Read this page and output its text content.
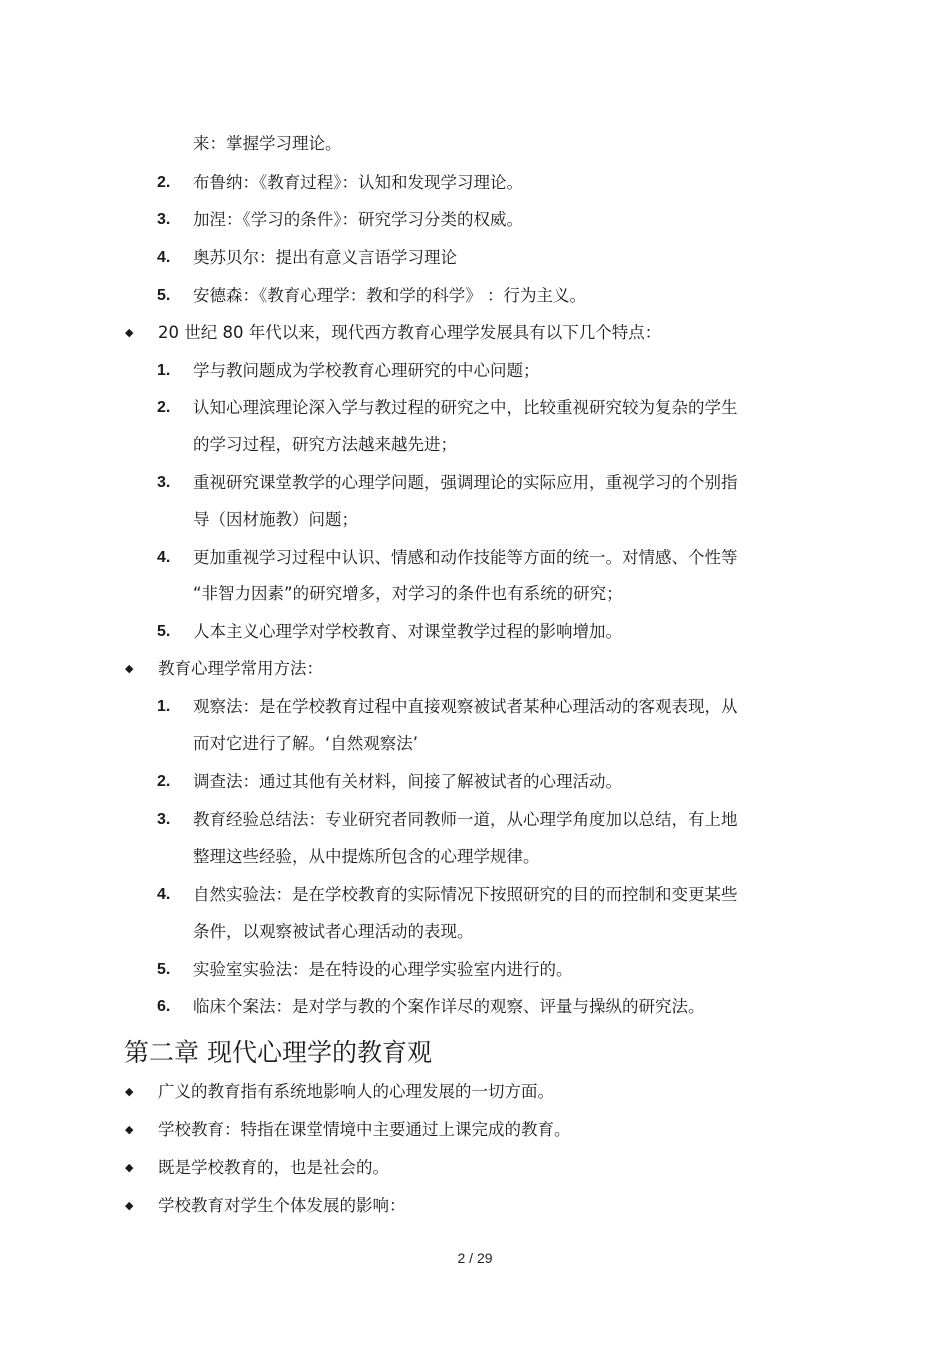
来：掌握学习理论。
2.	布鲁纳：《教育过程》：认知和发现学习理论。
3.	加涅：《学习的条件》：研究学习分类的权威。
4.	奥苏贝尔：提出有意义言语学习理论
5.	安德森：《教育心理学：教和学的科学》 ：行为主义。
◆ 20 世纪 80 年代以来，现代西方教育心理学发展具有以下几个特点：
1.	学与教问题成为学校教育心理研究的中心问题；
2.	认知心理滨理论深入学与教过程的研究之中，比较重视研究较为复杂的学生
的学习过程，研究方法越来越先进；
3.	重视研究课堂教学的心理学问题，强调理论的实际应用，重视学习的个别指
导（因材施教）问题；
4.	更加重视学习过程中认识、情感和动作技能等方面的统一。对情感、个性等
“非智力因素”的研究增多，对学习的条件也有系统的研究；
5.	人本主义心理学对学校教育、对课堂教学过程的影响增加。
◆ 教育心理学常用方法：
1.	观察法：是在学校教育过程中直接观察被试者某种心理活动的客观表现，从
而对它进行了解。‘自然观察法’
2.	调查法：通过其他有关材料，间接了解被试者的心理活动。
3.	教育经验总结法：专业研究者同教师一道，从心理学角度加以总结，有上地
整理这些经验，从中提炼所包含的心理学规律。
4.	自然实验法：是在学校教育的实际情况下按照研究的目的而控制和变更某些
条件，以观察被试者心理活动的表现。
5.	实验室实验法：是在特设的心理学实验室内进行的。
6.	临床个案法：是对学与教的个案作详尽的观察、评量与操纵的研究法。
第二章 现代心理学的教育观
◆ 广义的教育指有系统地影响人的心理发展的一切方面。
◆ 学校教育：特指在课堂情境中主要通过上课完成的教育。
◆ 既是学校教育的，也是社会的。
◆ 学校教育对学生个体发展的影响：
2 / 29
